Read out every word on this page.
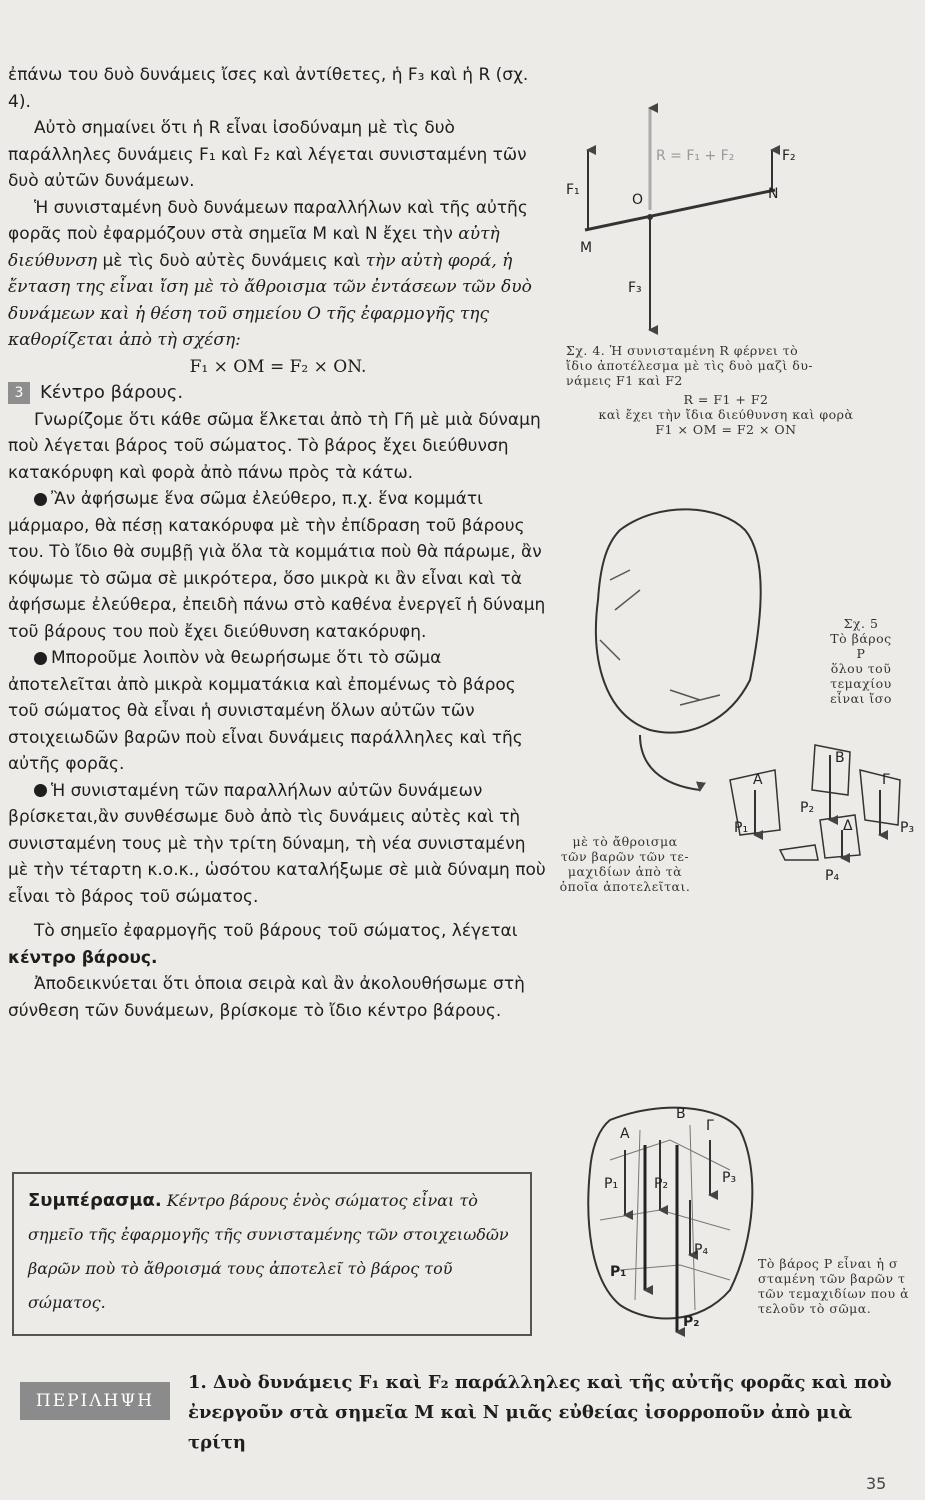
ἐπάνω του δυὸ δυνάμεις ἴσες καὶ ἀντίθετες, ἡ F₃ καὶ ἡ R (σχ. 4).

Αὐτὸ σημαίνει ὅτι ἡ R εἶναι ἰσοδύναμη μὲ τὶς δυὸ παράλληλες δυνάμεις F₁ καὶ F₂ καὶ λέγεται συνισταμένη τῶν δυὸ αὐτῶν δυνάμεων.

Ἡ συνισταμένη δυὸ δυνάμεων παραλλήλων καὶ τῆς αὐτῆς φορᾶς ποὺ ἐφαρμόζουν στὰ σημεῖα Μ καὶ Ν ἔχει τὴν αὐτὴ διεύθυνση μὲ τὶς δυὸ αὐτὲς δυνάμεις καὶ τὴν αὐτὴ φορά, ἡ ἔνταση της εἶναι ἴση μὲ τὸ ἄθροισμα τῶν ἐντάσεων τῶν δυὸ δυνάμεων καὶ ἡ θέση τοῦ σημείου Ο τῆς ἐφαρμογῆς της καθορίζεται ἀπὸ τὴ σχέση:

F₁ × OM = F₂ × ON.

3 Κέντρο βάρους.

Γνωρίζομε ὅτι κάθε σῶμα ἕλκεται ἀπὸ τὴ Γῆ μὲ μιὰ δύναμη ποὺ λέγεται βάρος τοῦ σώματος. Τὸ βάρος ἔχει διεύθυνση κατακόρυφη καὶ φορὰ ἀπὸ πάνω πρὸς τὰ κάτω.

Ἂν ἀφήσωμε ἕνα σῶμα ἐλεύθερο, π.χ. ἕνα κομμάτι μάρμαρο, θὰ πέσῃ κατακόρυφα μὲ τὴν ἐπίδραση τοῦ βάρους του. Τὸ ἴδιο θὰ συμβῇ γιὰ ὅλα τὰ κομμάτια ποὺ θὰ πάρωμε, ἂν κόψωμε τὸ σῶμα σὲ μικρότερα, ὅσο μικρὰ κι ἂν εἶναι καὶ τὰ ἀφήσωμε ἐλεύθερα, ἐπειδὴ πάνω στὸ καθένα ἐνεργεῖ ἡ δύναμη τοῦ βάρους του ποὺ ἔχει διεύθυνση κατακόρυφη.

Μποροῦμε λοιπὸν νὰ θεωρήσωμε ὅτι τὸ σῶμα ἀποτελεῖται ἀπὸ μικρὰ κομματάκια καὶ ἐπομένως τὸ βάρος τοῦ σώματος θὰ εἶναι ἡ συνισταμένη ὅλων αὐτῶν τῶν στοιχειωδῶν βαρῶν ποὺ εἶναι δυνάμεις παράλληλες καὶ τῆς αὐτῆς φορᾶς.

Ἡ συνισταμένη τῶν παραλλήλων αὐτῶν δυνάμεων βρίσκεται,ἂν συνθέσωμε δυὸ ἀπὸ τὶς δυνάμεις αὐτὲς καὶ τὴ συνισταμένη τους μὲ τὴν τρίτη δύναμη, τὴ νέα συνισταμένη μὲ τὴν τέταρτη κ.ο.κ., ὡσότου καταλήξωμε σὲ μιὰ δύναμη ποὺ εἶναι τὸ βάρος τοῦ σώματος.

Τὸ σημεῖο ἐφαρμογῆς τοῦ βάρους τοῦ σώματος, λέγεται κέντρο βάρους.

Ἀποδεικνύεται ὅτι ὁποια σειρὰ καὶ ἂν ἀκολουθήσωμε στὴ σύνθεση τῶν δυνάμεων, βρίσκομε τὸ ἴδιο κέντρο βάρους.

Συμπέρασμα. Κέντρο βάρους ἑνὸς σώματος εἶναι τὸ σημεῖο τῆς ἐφαρμογῆς τῆς συνισταμένης τῶν στοιχειωδῶν βαρῶν ποὺ τὸ ἄθροισμά τους ἀποτελεῖ τὸ βάρος τοῦ σώματος.
F₁
F₂
R = F₁ + F₂
O
M
N
F₃
Σχ. 4. Ἡ συνισταμένη R φέρνει τὸ
ἴδιο ἀποτέλεσμα μὲ τὶς δυὸ μαζὶ δυ-
νάμεις F1 καὶ F2
R = F1 + F2
καὶ ἔχει τὴν ἴδια διεύθυνση καὶ φορὰ
F1 × OM = F2 × ON
A
B
Γ
Δ
P₁
P₂
P₃
P₄
Σχ. 5
Τὸ βάρος
P
ὅλου τοῦ
τεμαχίου
εἶναι ἴσο
μὲ τὸ ἄθροισμα
τῶν βαρῶν τῶν τε-
μαχιδίων ἀπὸ τὰ
ὁποῖα ἀποτελεῖται.
A
B
Γ
P₁	P₂	P₃
P₄
P₁
P₂
Τὸ βάρος P εἶναι ἡ σ
σταμένη τῶν βαρῶν τ
τῶν τεμαχιδίων που ἀ
τελοῦν τὸ σῶμα.
ΠΕΡΙΛΗΨΗ
1. Δυὸ δυνάμεις F₁ καὶ F₂ παράλληλες καὶ τῆς αὐτῆς φορᾶς καὶ ποὺ
ἐνεργοῦν στὰ σημεῖα Μ καὶ Ν μιᾶς εὐθείας ἰσορροποῦν ἀπὸ μιὰ τρίτη
35
